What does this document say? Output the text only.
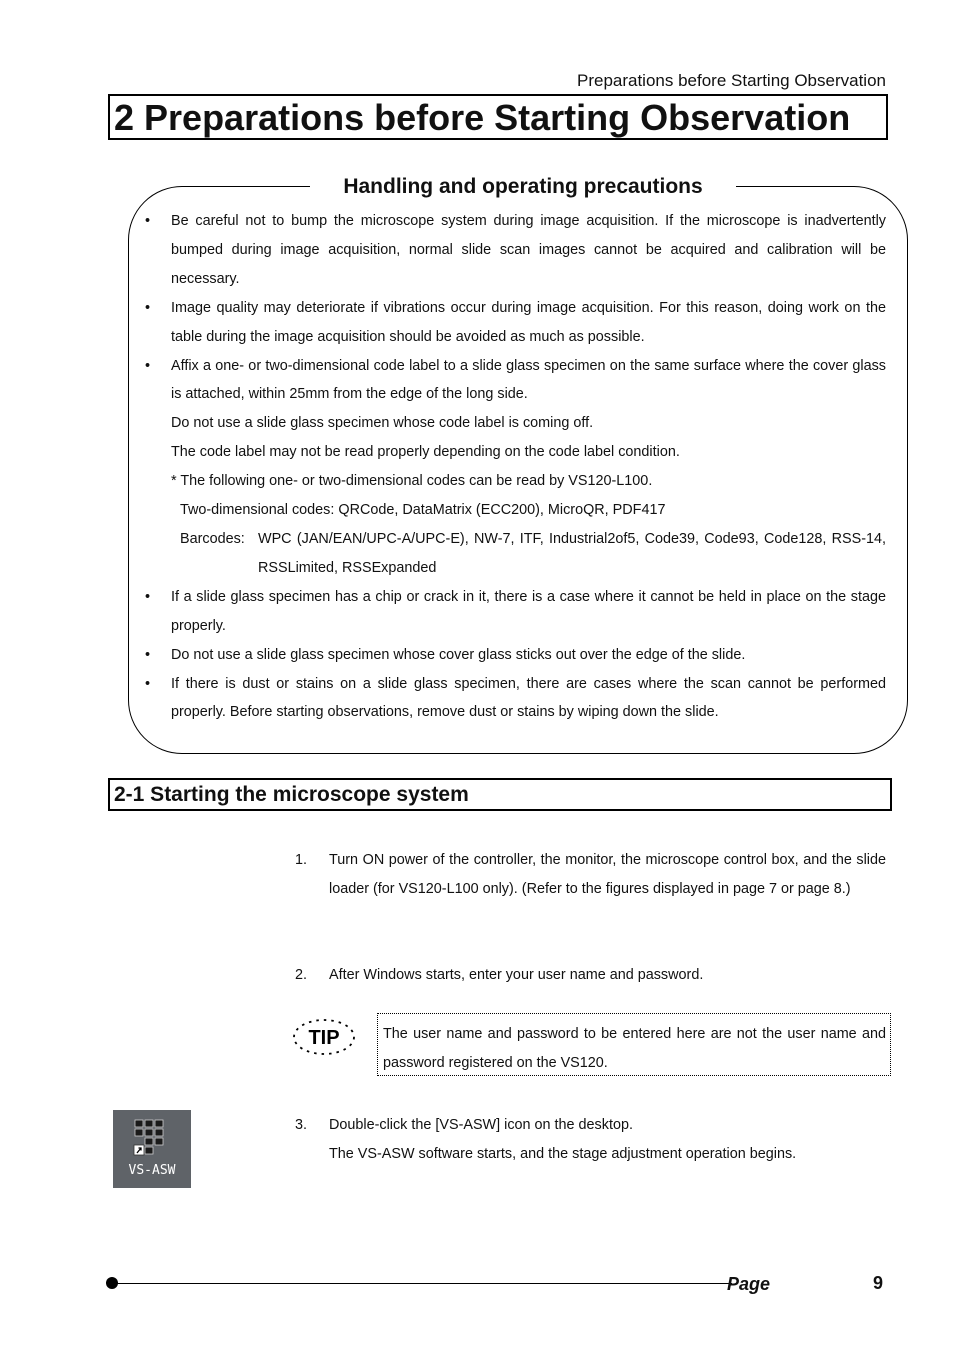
Preparations before Starting Observation
2 Preparations before Starting Observation
Handling and operating precautions
• Be careful not to bump the microscope system during image acquisition. If the microscope is inadvertently bumped during image acquisition, normal slide scan images cannot be acquired and calibration will be necessary.
• Image quality may deteriorate if vibrations occur during image acquisition. For this reason, doing work on the table during the image acquisition should be avoided as much as possible.
• Affix a one- or two-dimensional code label to a slide glass specimen on the same surface where the cover glass is attached, within 25mm from the edge of the long side.
Do not use a slide glass specimen whose code label is coming off.
The code label may not be read properly depending on the code label condition.
* The following one- or two-dimensional codes can be read by VS120-L100.
Two-dimensional codes: QRCode, DataMatrix (ECC200), MicroQR, PDF417
Barcodes: WPC (JAN/EAN/UPC-A/UPC-E), NW-7, ITF, Industrial2of5, Code39, Code93, Code128, RSS-14, RSSLimited, RSSExpanded
• If a slide glass specimen has a chip or crack in it, there is a case where it cannot be held in place on the stage properly.
• Do not use a slide glass specimen whose cover glass sticks out over the edge of the slide.
• If there is dust or stains on a slide glass specimen, there are cases where the scan cannot be performed properly. Before starting observations, remove dust or stains by wiping down the slide.
2-1 Starting the microscope system
1. Turn ON power of the controller, the monitor, the microscope control box, and the slide loader (for VS120-L100 only). (Refer to the figures displayed in page 7 or page 8.)
2. After Windows starts, enter your user name and password.
TIP	The user name and password to be entered here are not the user name and password registered on the VS120.
VS-ASW
3. Double-click the [VS-ASW] icon on the desktop.
The VS-ASW software starts, and the stage adjustment operation begins.
Page	9
